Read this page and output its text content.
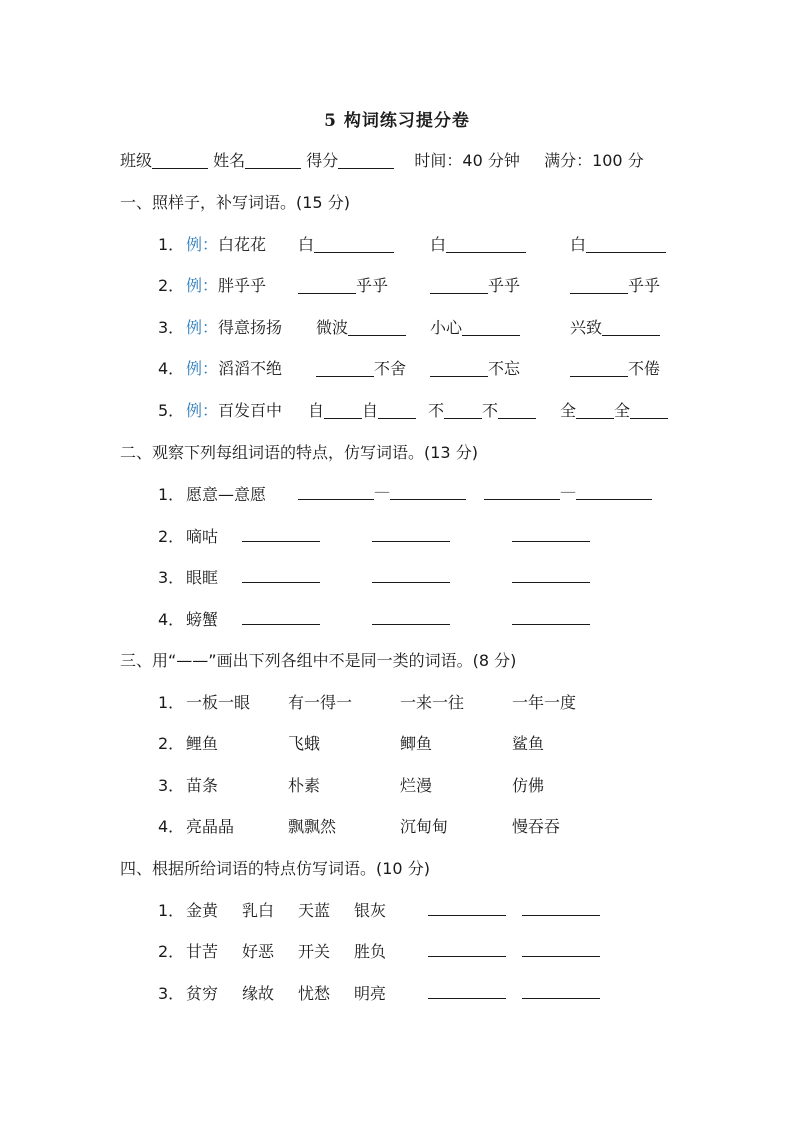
5 构词练习提分卷
班级	姓名	得分	时间：40 分钟 满分：100 分
一、照样子，补写词语。(15 分)
1． 例：白花花 白	白	白
2． 例：胖乎乎	乎乎	乎乎	乎乎
3． 例：得意扬扬 微波	小心	兴致
4． 例：滔滔不绝	不舍	不忘	不倦
5． 例：百发百中 自 自	不 不	全 全
二、观察下列每组词语的特点，仿写词语。(13 分)
1． 愿意—意愿	—	—
2． 嘀咕
3． 眼眶
4． 螃蟹
三、用“——”画出下列各组中不是同一类的词语。(8 分)
1． 一板一眼 有一得一	一来一往	一年一度
2． 鲤鱼	飞蛾	鲫鱼	鲨鱼
3． 苗条	朴素	烂漫	仿佛
4． 亮晶晶	飘飘然	沉甸甸	慢吞吞
四、根据所给词语的特点仿写词语。(10 分)
1． 金黄 乳白 天蓝 银灰
2． 甘苦 好恶 开关 胜负
3． 贫穷 缘故 忧愁 明亮
